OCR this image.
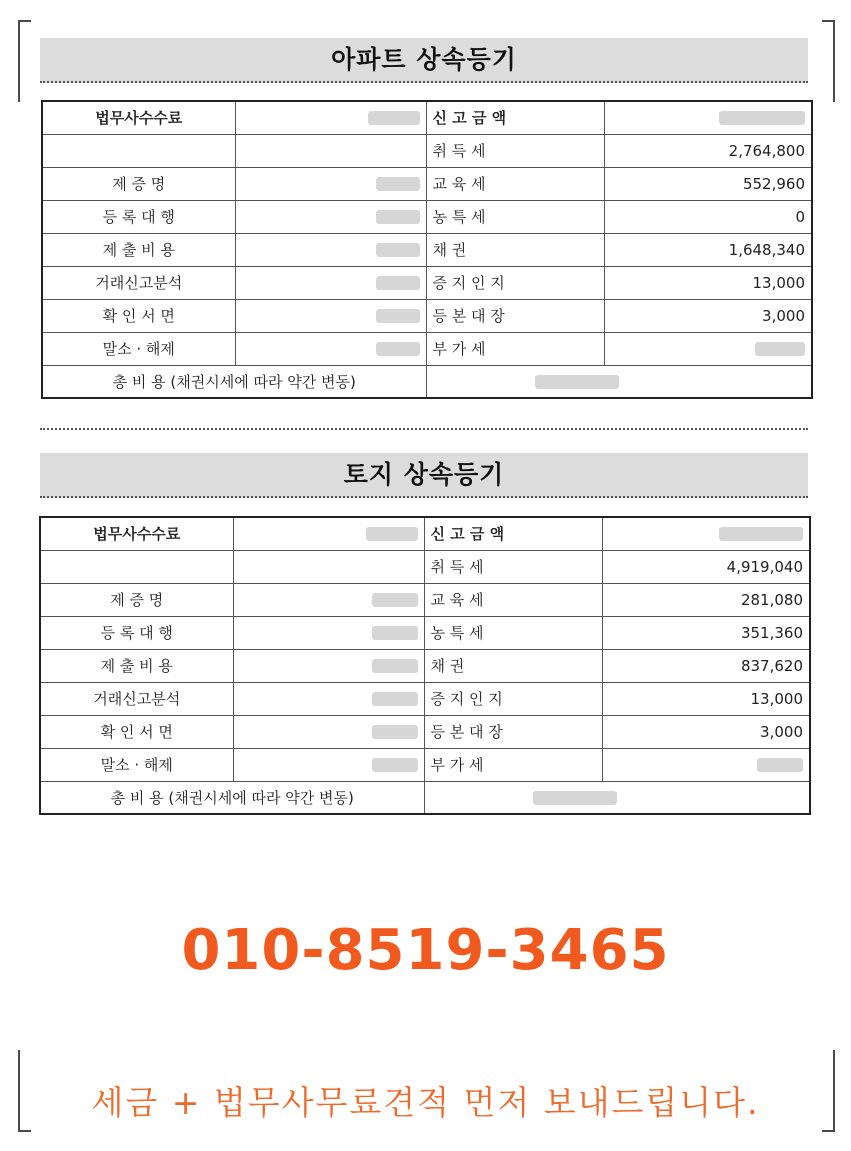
아파트 상속등기
법무사수수료		신 고 금 액	
		취 득 세	2,764,800
제 증 명		교 육 세	552,960
등 록 대 행		농 특 세	0
제 출 비 용		채 권	1,648,340
거래신고분석		증 지 인 지	13,000
확 인 서 면		등 본 대 장	3,000
말소 · 해제		부 가 세	
총 비 용 (채권시세에 따라 약간 변동)			
토지 상속등기
법무사수수료		신 고 금 액	
		취 득 세	4,919,040
제 증 명		교 육 세	281,080
등 록 대 행		농 특 세	351,360
제 출 비 용		채 권	837,620
거래신고분석		증 지 인 지	13,000
확 인 서 면		등 본 대 장	3,000
말소 · 해제		부 가 세	
총 비 용 (채권시세에 따라 약간 변동)			
010-8519-3465
세금 + 법무사무료견적 먼저 보내드립니다.
